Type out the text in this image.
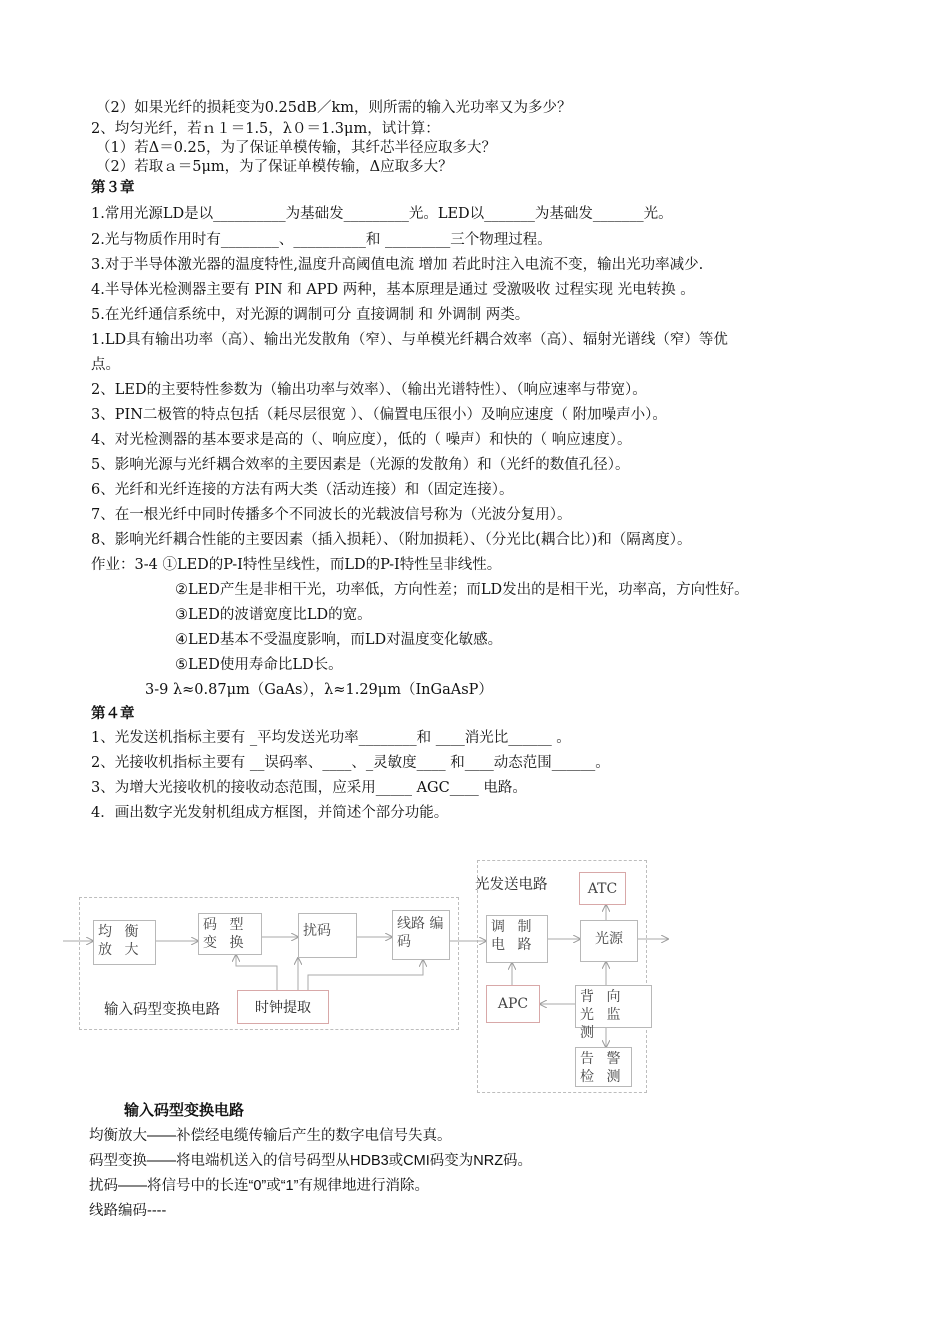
（2）如果光纤的损耗变为0.25dB／km，则所需的输入光功率又为多少？
2、均匀光纤，若ｎ１＝1.5，λ０＝1.3μm，试计算：
（1）若Δ＝0.25，为了保证单模传输，其纤芯半径应取多大？
（2）若取ａ＝5μm，为了保证单模传输，Δ应取多大？
第３章
1.常用光源LD是以__________为基础发_________光。LED以_______为基础发_______光。
2.光与物质作用时有________、__________和 _________三个物理过程。
3.对于半导体激光器的温度特性,温度升高阈值电流 增加 若此时注入电流不变，输出光功率减少.
4.半导体光检测器主要有 PIN 和 APD 两种，基本原理是通过 受激吸收 过程实现 光电转换 。
5.在光纤通信系统中，对光源的调制可分 直接调制 和 外调制 两类。
1.LD具有输出功率（高）、输出光发散角（窄）、与单模光纤耦合效率（高）、辐射光谱线（窄）等优
点。
2、LED的主要特性参数为（输出功率与效率）、（输出光谱特性）、（响应速率与带宽）。
3、PIN二极管的特点包括（耗尽层很宽 ）、（偏置电压很小）及响应速度（ 附加噪声小）。
4、对光检测器的基本要求是高的（、响应度），低的（ 噪声）和快的（ 响应速度）。
5、影响光源与光纤耦合效率的主要因素是（光源的发散角）和（光纤的数值孔径）。
6、光纤和光纤连接的方法有两大类（活动连接）和（固定连接）。
7、在一根光纤中同时传播多个不同波长的光载波信号称为（光波分复用）。
8、影响光纤耦合性能的主要因素（插入损耗）、（附加损耗）、（分光比(耦合比）)和（隔离度）。
作业：3-4 ①LED的P-I特性呈线性，而LD的P-I特性呈非线性。
②LED产生是非相干光，功率低，方向性差；而LD发出的是相干光，功率高，方向性好。
③LED的波谱宽度比LD的宽。
④LED基本不受温度影响，而LD对温度变化敏感。
⑤LED使用寿命比LD长。
3-9 λ≈0.87μm（GaAs），λ≈1.29μm（InGaAsP）
第４章
1、光发送机指标主要有 _平均发送光功率________和 ____消光比______ 。
2、光接收机指标主要有 __误码率、____、_灵敏度____ 和____动态范围______。
3、为增大光接收机的接收动态范围，应采用_____ AGC____ 电路。
4．画出数字光发射机组成方框图，并简述个部分功能。
均 衡 放 大
码 型 变 换
扰码	线路 编码
时钟提取
输入码型变换电路
光发送电路	ATC
调 制 电 路	光源
APC	背 向 光 监 测
告 警 检 测
输入码型变换电路
均衡放大——补偿经电缆传输后产生的数字电信号失真。
码型变换——将电端机送入的信号码型从HDB3或CMI码变为NRZ码。
扰码——将信号中的长连“0”或“1”有规律地进行消除。
线路编码----
